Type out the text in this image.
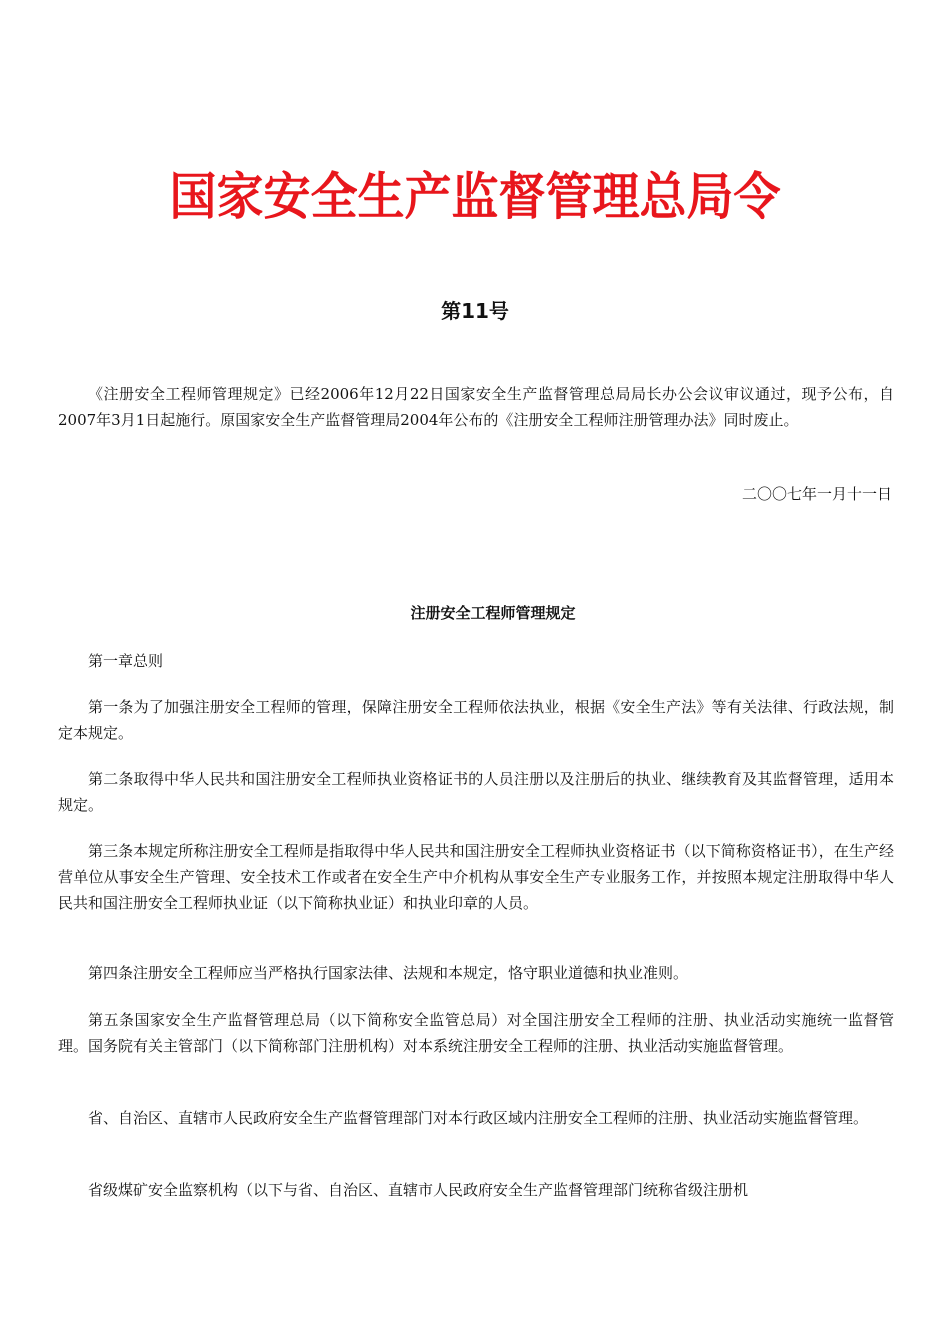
国家安全生产监督管理总局令
第11号

《注册安全工程师管理规定》已经2006年12月22日国家安全生产监督管理总局局长办公会议审议通过，现予公布，自2007年3月1日起施行。原国家安全生产监督管理局2004年公布的《注册安全工程师注册管理办法》同时废止。

二〇〇七年一月十一日
注册安全工程师管理规定

第一章总则

第一条为了加强注册安全工程师的管理，保障注册安全工程师依法执业，根据《安全生产法》等有关法律、行政法规，制定本规定。

第二条取得中华人民共和国注册安全工程师执业资格证书的人员注册以及注册后的执业、继续教育及其监督管理，适用本规定。

第三条本规定所称注册安全工程师是指取得中华人民共和国注册安全工程师执业资格证书（以下简称资格证书），在生产经营单位从事安全生产管理、安全技术工作或者在安全生产中介机构从事安全生产专业服务工作，并按照本规定注册取得中华人民共和国注册安全工程师执业证（以下简称执业证）和执业印章的人员。

第四条注册安全工程师应当严格执行国家法律、法规和本规定，恪守职业道德和执业准则。

第五条国家安全生产监督管理总局（以下简称安全监管总局）对全国注册安全工程师的注册、执业活动实施统一监督管理。国务院有关主管部门（以下简称部门注册机构）对本系统注册安全工程师的注册、执业活动实施监督管理。

省、自治区、直辖市人民政府安全生产监督管理部门对本行政区域内注册安全工程师的注册、执业活动实施监督管理。

省级煤矿安全监察机构（以下与省、自治区、直辖市人民政府安全生产监督管理部门统称省级注册机
